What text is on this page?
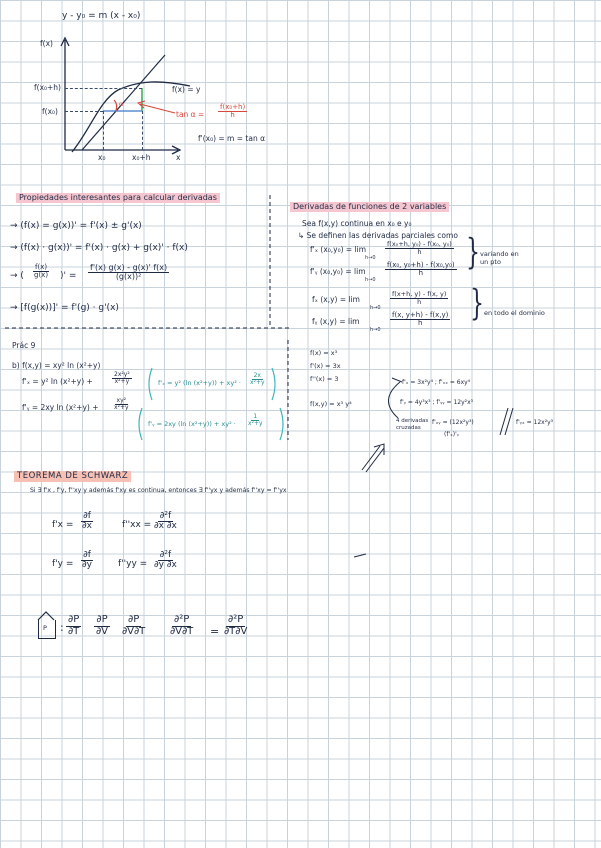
y - y₀ = m (x - x₀)
f(x)
f(x₀+h)
f(x₀)
f(x) = y
α
$\tan \alpha = \frac{\text{f(x₀+h)}}{h}$
f'(x₀) = m = tan α
x₀	x₀+h	x
Propiedades interesantes para calcular derivadas
→ (f(x) = g(x))' = f'(x) ± g'(x)
→ (f(x) · g(x))' = f'(x) · g(x) + g(x)' · f(x)
→ ( $\frac{f(x)}{g(x)}$ )' = $\frac{f'(x) g(x) - g(x)' f(x)}{\text{(g(x))²}}$
→ [f(g(x))]' = f'(g) · g'(x)
Derivadas de funciones de 2 variables
Sea f(x,y) continua en x₀ e y₀
↳ Se definen las derivadas parciales como
f'ₓ (x₀,y₀) = lim
h→0
$\frac{\text{f(x₀+h, y₀) - f(x₀, y₀)}}{h}$
f'ᵧ (x₀,y₀) = lim
h→0
$\frac{\text{f(x₀, y₀+h) - f(x₀,y₀)}}{h}$ } variando en un pto
fₓ (x,y) = lim
h→0
$\frac{f(x+h, y) - f(x, y)}{h}$
fᵧ (x,y) = lim
h→0
$\frac{f(x, y+h) - f(x,y)}{h}$ } en todo el dominio
Prác 9
b) f(x,y) = xy² ln (x²+y)
f'ₓ = y² ln (x²+y) +	$\frac{\text{2x²y²}}{\text{x²+y}}$
f'ᵧ = 2xy $\ln (x^2+y) + \frac{\text{xy²}}{\text{x²+y}}$
f'ₓ = y² (ln $(x^2+y)) + xy^2 \cdot \frac{2x}{\text{x²+y}}$
f'ᵧ = 2xy (ln $(x^2+y)) + xy^2 \cdot \frac{1}{\text{x²+y}}$
f(x) = x³
f'(x) = 3x
f''(x) = 3
f(x,y) = x³ y⁴
f'ₓ = 3x²y⁴ ; f'ₓₓ = 6xy⁴
f'ᵧ = 4y³x³ ; f'ᵧᵧ = 12y²x³
4 derivadas cruzadas
f'ₓᵧ = (12x²y³)
(f'ₓ)'ᵧ
f'ᵧₓ = 12x²y³
TEOREMA DE SCHWARZ
Si ∃ f'x , f'y, f''xy y además f'xy es continua, entonces ∃ f''yx y además f''xy = f''yx
$f'x = \frac{\partial f}{\partial x}$	$f''xx = \frac{\text{∂²f}}{\partial x \partial x}$
$f'y = \frac{\partial f}{\partial y}$	$f''yy = \frac{\text{∂²f}}{\partial y \partial x}$
P : $\frac{\partial P}{\partial T} \frac{\partial P}{\partial V} \frac{\partial P}{\partial V\partial T} \frac{\text{∂²P}}{\partial V\partial T} = \frac{\text{∂²P}}{\partial T\partial V}$
